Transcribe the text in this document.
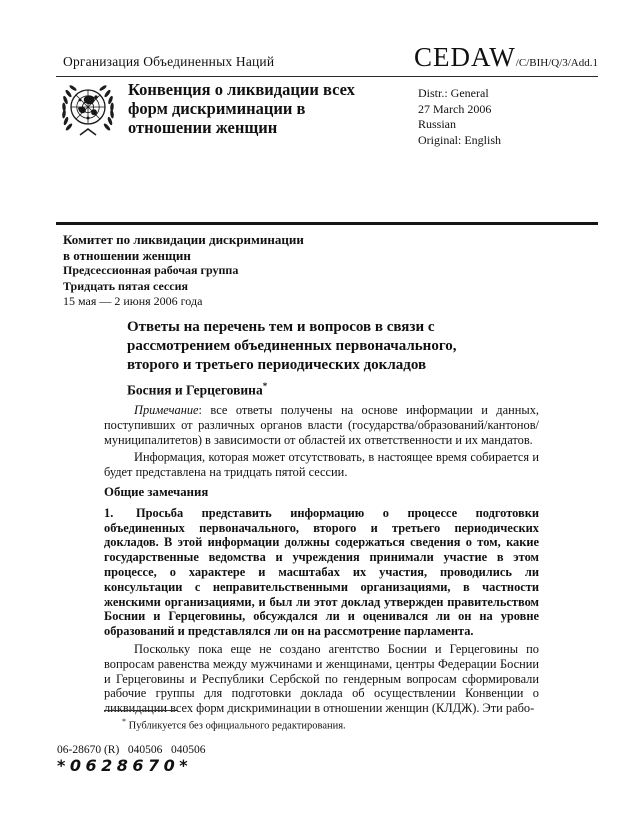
Организация Объединенных Наций	CEDAW/C/BIH/Q/3/Add.1
Конвенция о ликвидации всех форм дискриминации в отношении женщин
Distr.: General
27 March 2006
Russian
Original: English
Комитет по ликвидации дискриминации
в отношении женщин
Предсессионная рабочая группа
Тридцать пятая сессия
15 мая — 2 июня 2006 года
Ответы на перечень тем и вопросов в связи с рассмотрением объединенных первоначального, второго и третьего периодических докладов
Босния и Герцеговина*

Примечание: все ответы получены на основе информации и данных, поступивших от различных органов власти (государства/образований/кантонов/муниципалитетов) в зависимости от областей их ответственности и их мандатов.

Информация, которая может отсутствовать, в настоящее время собирается и будет представлена на тридцать пятой сессии.

Общие замечания

1. Просьба представить информацию о процессе подготовки объединенных первоначального, второго и третьего периодических докладов. В этой информации должны содержаться сведения о том, какие государственные ведомства и учреждения принимали участие в этом процессе, о характере и масштабах их участия, проводились ли консультации с неправительственными организациями, в частности женскими организациями, и был ли этот доклад утвержден правительством Боснии и Герцеговины, обсуждался ли и оценивался ли он на уровне образований и представлялся ли он на рассмотрение парламента.

Поскольку пока еще не создано агентство Боснии и Герцеговины по вопросам равенства между мужчинами и женщинами, центры Федерации Боснии и Герцеговины и Республики Сербской по гендерным вопросам сформировали рабочие группы для подготовки доклада об осуществлении Конвенции о ликвидации всех форм дискриминации в отношении женщин (КЛДЖ). Эти рабо-

* Публикуется без официального редактирования.
06-28670 (R)   040506   040506
*0628670*
